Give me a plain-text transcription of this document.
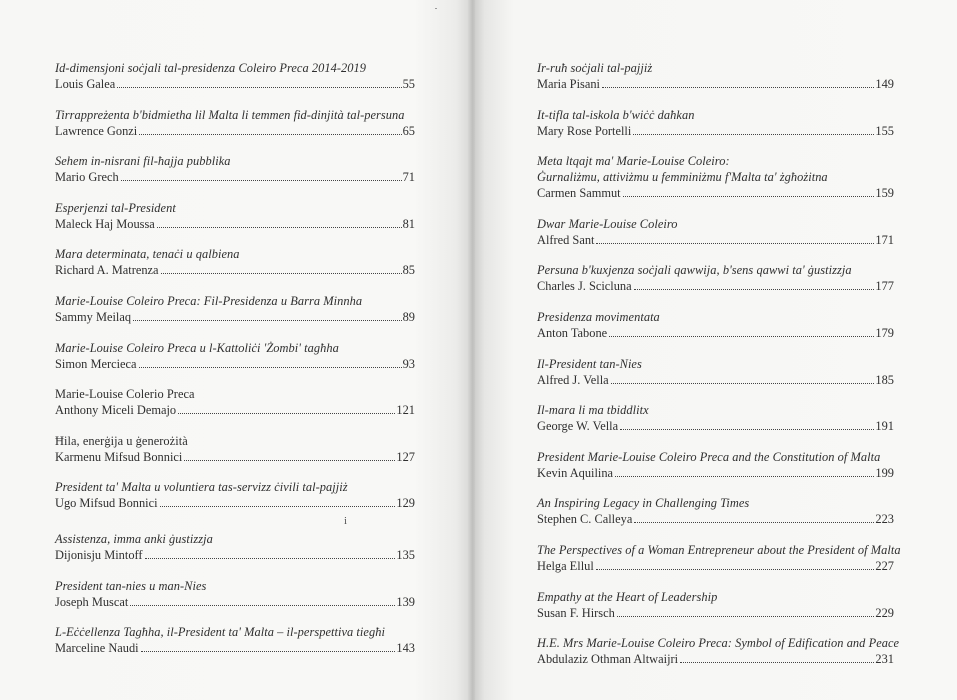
Id-dimensjoni soċjali tal-presidenza Coleiro Preca 2014-2019
Louis Galea	55
Tirrappreżenta b'bidmietha lil Malta li temmen fid-dinjità tal-persuna
Lawrence Gonzi	65
Sehem in-nisrani fil-ħajja pubblika
Mario Grech	71
Esperjenzi tal-President
Maleck Haj Moussa	81
Mara determinata, tenaċi u qalbiena
Richard A. Matrenza	85
Marie-Louise Coleiro Preca: Fil-Presidenza u Barra Minnha
Sammy Meilaq	89
Marie-Louise Coleiro Preca u l-Kattoliċi 'Żombi' tagħha
Simon Mercieca	93
Marie-Louise Colerio Preca
Anthony Miceli Demajo	121
Ħila, enerġija u ġenerożità
Karmenu Mifsud Bonnici	127
President ta' Malta u voluntiera tas-servizz ċivili tal-pajjiż
Ugo Mifsud Bonnici	129
Assistenza, imma anki ġustizzja
Dijonisju Mintoff	135
President tan-nies u man-Nies
Joseph Muscat	139
L-Eċċellenza Tagħha, il-President ta' Malta – il-perspettiva tiegħi
Marceline Naudi	143
i
Ir-ruħ soċjali tal-pajjiż
Maria Pisani	149
It-tifla tal-iskola b'wiċċ daħkan
Mary Rose Portelli	155
Meta ltqajt ma' Marie-Louise Coleiro:
Ġurnaliżmu, attiviżmu u femminiżmu f'Malta ta' żgħożitna
Carmen Sammut	159
Dwar Marie-Louise Coleiro
Alfred Sant	171
Persuna b'kuxjenza soċjali qawwija, b'sens qawwi ta' ġustizzja
Charles J. Scicluna	177
Presidenza movimentata
Anton Tabone	179
Il-President tan-Nies
Alfred J. Vella	185
Il-mara li ma tbiddlitx
George W. Vella	191
President Marie-Louise Coleiro Preca and the Constitution of Malta
Kevin Aquilina	199
An Inspiring Legacy in Challenging Times
Stephen C. Calleya	223
The Perspectives of a Woman Entrepreneur about the President of Malta
Helga Ellul	227
Empathy at the Heart of Leadership
Susan F. Hirsch	229
H.E. Mrs Marie-Louise Coleiro Preca: Symbol of Edification and Peace
Abdulaziz Othman Altwaijri	231
